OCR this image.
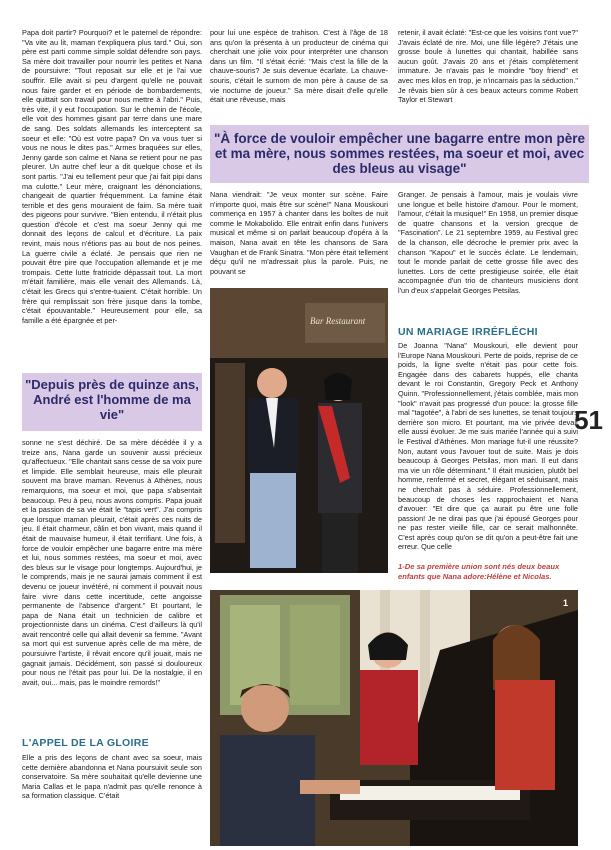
Papa doit partir? Pourquoi? et le paternel de répondre: "Va vite au lit, maman t'expliquera plus tard." Oui, son père est parti comme simple soldat défendre son pays. Sa mère doit travailler pour nourrir les petites et Nana de poursuivre: "Tout reposait sur elle et je l'ai vue souffrir. Elle avait si peu d'argent qu'elle ne pouvait nous faire garder et en période de bombardements, elle quittait son travail pour nous mettre à l'abri." Puis, très vite, il y eut l'occupation. Sur le chemin de l'école, elle voit des hommes gisant par terre dans une mare de sang. Des soldats allemands les interceptent sa soeur et elle: "Où est votre papa? On va vous tuer si vous ne nous le dites pas." Armes braquées sur elles, Jenny garde son calme et Nana se retient pour ne pas pleurer. Un autre chef leur a dit quelque chose et ils sont partis. "J'ai eu tellement peur que j'ai fait pipi dans ma culotte." Leur mère, craignant les dénonciations, changeait de quartier fréquemment. La famine était terrible et des gens mouraient de faim. Sa mère tuait des pigeons pour survivre. "Bien entendu, il n'était plus question d'école et c'est ma soeur Jenny qui me donnait des leçons de calcul et d'écriture. La paix revint, mais nous n'étions pas au bout de nos peines. La guerre civile a éclaté. Je pensais que rien ne pouvait être pire que l'occupation allemande et je me trompais. Cette lutte fratricide dépassait tout. La mort m'était familière, mais elle venait des Allemands. Là, c'était les Grecs qui s'entre-tuaient. C'était horrible. Un frère qui remplissait son frère jusque dans la tombe, c'était épouvantable." Heureusement pour elle, sa famille a été épargnée et per-

"Depuis près de quinze ans, André est l'homme de ma vie"

sonne ne s'est déchiré. De sa mère décédée il y a treize ans, Nana garde un souvenir aussi précieux qu'affectueux. "Elle chantait sans cesse de sa voix pure et limpide. Elle semblait heureuse, mais elle pleurait souvent ma brave maman. Revenus à Athènes, nous remarquions, ma soeur et moi, que papa s'absentait beaucoup. Peu à peu, nous avons compris. Papa jouait et la passion de sa vie était le "tapis vert". J'ai compris que lorsque maman pleurait, c'était après ces nuits de jeu. Il était charmeur, câlin et bon vivant, mais quand il était de mauvaise humeur, il était terrifiant. Une fois, à force de vouloir empêcher une bagarre entre ma mère et lui, nous sommes restées, ma soeur et moi, avec des bleus sur le visage pour longtemps. Aujourd'hui, je le comprends, mais je ne saurai jamais comment il est devenu ce joueur invétéré, ni comment il pouvait nous faire vivre dans cette incertitude, cette angoisse permanente de l'absence d'argent." Et pourtant, le papa de Nana était un technicien de calibre et projectionniste dans un cinéma. C'est d'ailleurs là qu'il avait rencontré celle qui allait devenir sa femme. "Avant sa mort qui est survenue après celle de ma mère, de poursuivre l'artiste, il rêvait encore qu'il jouait, mais ne gagnait jamais. Décidément, son passé si douloureux pour nous ne l'était pas pour lui. De la nostalgie, il en avait, oui... mais, pas le moindre remords!"

L'APPEL DE LA GLOIRE

Elle a pris des leçons de chant avec sa soeur, mais cette dernière abandonna et Nana poursuivit seule son conservatoire. Sa mère souhaitait qu'elle devienne une Maria Callas et le papa n'admit pas qu'elle renonce à sa formation classique. C'était

pour lui une espèce de trahison. C'est à l'âge de 18 ans qu'on la présenta à un producteur de cinéma qui cherchait une jolie voix pour interpréter une chanson dans un film. "Il s'était écrié: "Mais c'est la fille de la chauve-souris? Je suis devenue écarlate. La chauve-souris, c'était le surnom de mon père à cause de sa vie nocturne de joueur." Sa mère disait d'elle qu'elle était une rêveuse, mais

"À force de vouloir empêcher une bagarre entre mon père et ma mère, nous sommes restées, ma soeur et moi, avec des bleus au visage"

Nana viendrait: "Je veux monter sur scène. Faire n'importe quoi, mais être sur scène!" Nana Mouskouri commença en 1957 à chanter dans les boîtes de nuit comme le Mokabolido. Elle entrait enfin dans l'univers musical et même si on parlait beaucoup d'opéra à la maison, Nana avait en tête les chansons de Sara Vaughan et de Frank Sinatra. "Mon père était tellement déçu qu'il ne m'adressait plus la parole. Puis, ne pouvant se

Bar Restaurant

retenir, il avait éclaté: "Est-ce que les voisins t'ont vue?" J'avais éclaté de rire. Moi, une fille légère? J'étais une grosse boule à lunettes qui chantait, habillée sans aucun goût. J'avais 20 ans et j'étais complètement immature. Je n'avais pas le moindre "boy friend" et avec mes kilos en trop, je n'incarnais pas la séduction." Je rêvais bien sûr à ces beaux acteurs comme Robert Taylor et Stewart

Granger. Je pensais à l'amour, mais je voulais vivre une longue et belle histoire d'amour. Pour le moment, l'amour, c'était la musique!" En 1958, un premier disque de quatre chansons et la version grecque de "Fascination". Le 21 septembre 1959, au Festival grec de la chanson, elle décroche le premier prix avec la chanson "Kapou" et le succès éclate. Le lendemain, tout le monde parlait de cette grosse fille avec des lunettes. Lors de cette prestigieuse soirée, elle était accompagnée d'un trio de chanteurs musiciens dont l'un d'eux s'appelait Georges Petsilas.

UN MARIAGE IRRÉFLÉCHI

De Joanna "Nana" Mouskouri, elle devient pour l'Europe Nana Mouskouri. Perte de poids, reprise de ce poids, la ligne svelte n'était pas pour cette fois. Engagée dans des cabarets huppés, elle chanta devant le roi Constantin, Gregory Peck et Anthony Quinn. "Professionnellement, j'étais comblée, mais mon "look" n'avait pas progressé d'un pouce: la grosse fille mal "tagotée", à l'abri de ses lunettes, se tenait toujours derrière son micro. Et pourtant, ma vie privée devait elle aussi évoluer. Je me suis mariée l'année qui a suivi le Festival d'Athènes. Mon mariage fut-il une réussite? Non, autant vous l'avouer tout de suite. Mais je dois beaucoup à Georges Petsilas, mon mari. Il eut dans ma vie un rôle déterminant." Il était musicien, plutôt bel homme, renfermé et secret, élégant et séduisant, mais ne cherchait pas à séduire. Professionnellement, beaucoup de choses les rapprochaient et Nana d'avouer: "Et dire que ça aurait pu être une folle passion! Je ne dirai pas que j'ai épousé Georges pour ne pas rester vieille fille, car ce serait malhonnête. C'est après coup qu'on se dit qu'on a peut-être fait une erreur. Que celle

1-De sa première union sont nés deux beaux enfants que Nana adore:Hélène et Nicolas.
51
1
